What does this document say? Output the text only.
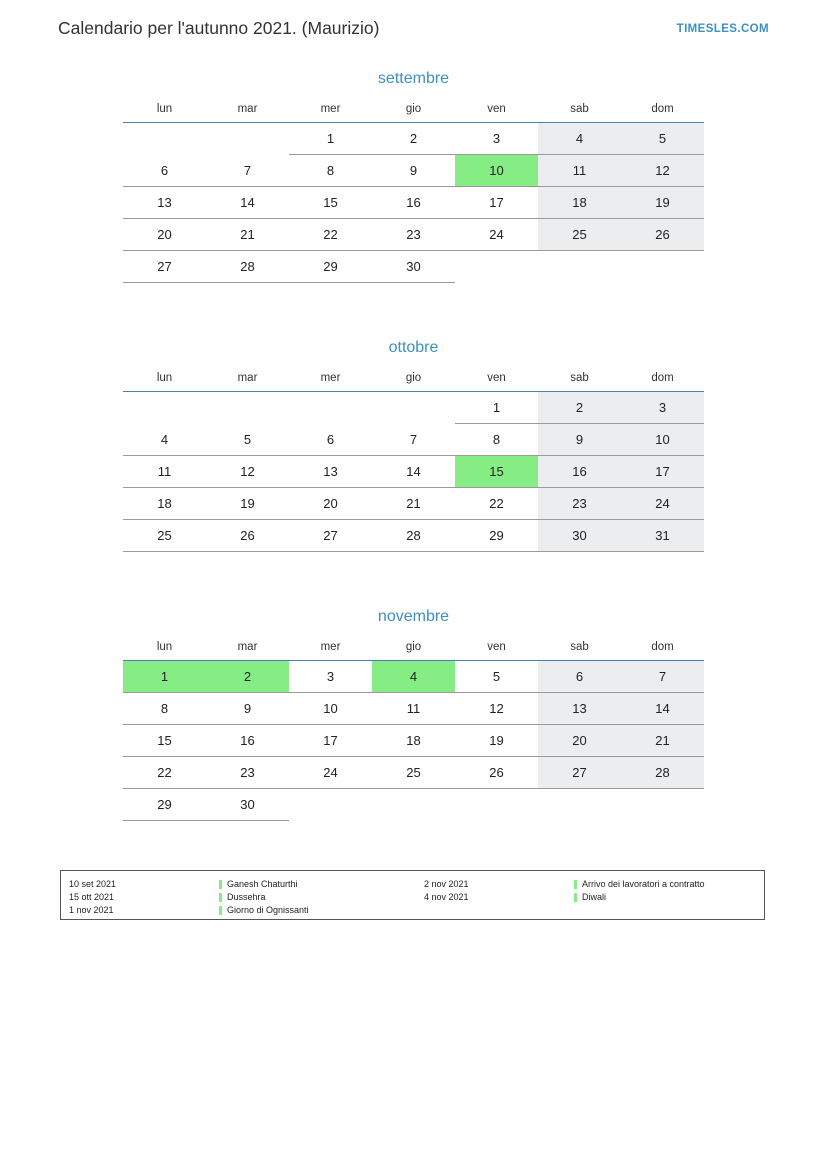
Calendario per l'autunno 2021. (Maurizio)	TIMESLES.COM
settembre
lun	mar	mer	gio	ven	sab	dom

		1	2	3	4	5

6	7	8	9	10	11	12

13	14	15	16	17	18	19

20	21	22	23	24	25	26

27	28	29	30			

ottobre
lun	mar	mer	gio	ven	sab	dom

				1	2	3

4	5	6	7	8	9	10

11	12	13	14	15	16	17

18	19	20	21	22	23	24

25	26	27	28	29	30	31
novembre
lun	mar	mer	gio	ven	sab	dom

1	2	3	4	5	6	7

8	9	10	11	12	13	14

15	16	17	18	19	20	21

22	23	24	25	26	27	28

29	30					

10 set 2021	Ganesh Chaturthi
15 ott 2021	Dussehra
1 nov 2021	Giorno di Ognissanti
2 nov 2021	Arrivo dei lavoratori a contratto
4 nov 2021	Diwali
